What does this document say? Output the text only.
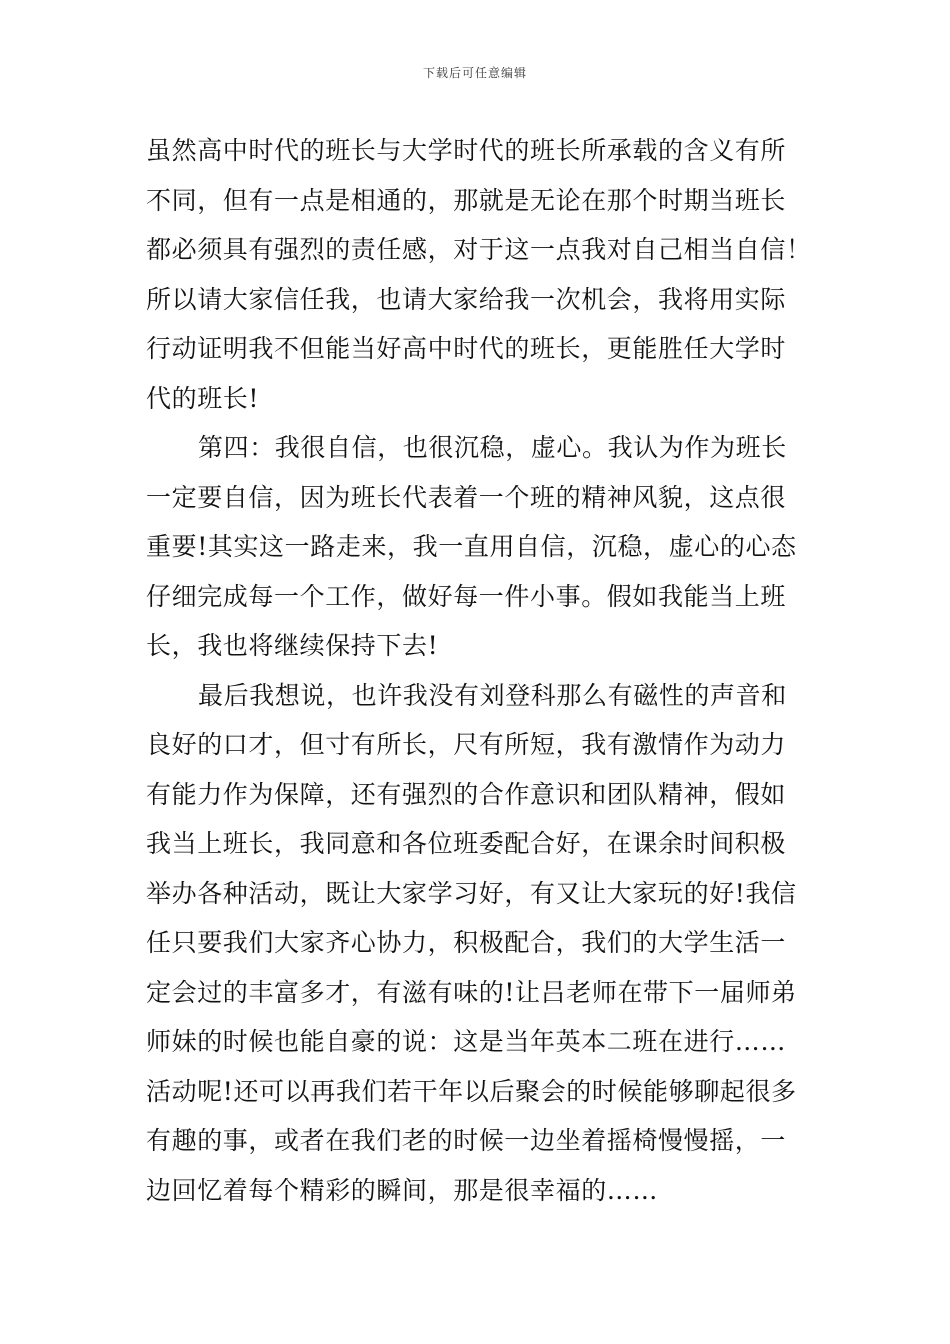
下载后可任意编辑
虽然高中时代的班长与大学时代的班长所承载的含义有所
不同，但有一点是相通的，那就是无论在那个时期当班长
都必须具有强烈的责任感，对于这一点我对自己相当自信！
所以请大家信任我，也请大家给我一次机会，我将用实际
行动证明我不但能当好高中时代的班长，更能胜任大学时
代的班长!
第四：我很自信，也很沉稳，虚心。我认为作为班长
一定要自信，因为班长代表着一个班的精神风貌，这点很
重要!其实这一路走来，我一直用自信，沉稳，虚心的心态
仔细完成每一个工作，做好每一件小事。假如我能当上班
长，我也将继续保持下去!
最后我想说，也许我没有刘登科那么有磁性的声音和
良好的口才，但寸有所长，尺有所短，我有激情作为动力
有能力作为保障，还有强烈的合作意识和团队精神，假如
我当上班长，我同意和各位班委配合好，在课余时间积极
举办各种活动，既让大家学习好，有又让大家玩的好!我信
任只要我们大家齐心协力，积极配合，我们的大学生活一
定会过的丰富多才，有滋有味的!让吕老师在带下一届师弟
师妹的时候也能自豪的说：这是当年英本二班在进行……
活动呢!还可以再我们若干年以后聚会的时候能够聊起很多
有趣的事，或者在我们老的时候一边坐着摇椅慢慢摇，一
边回忆着每个精彩的瞬间，那是很幸福的……
